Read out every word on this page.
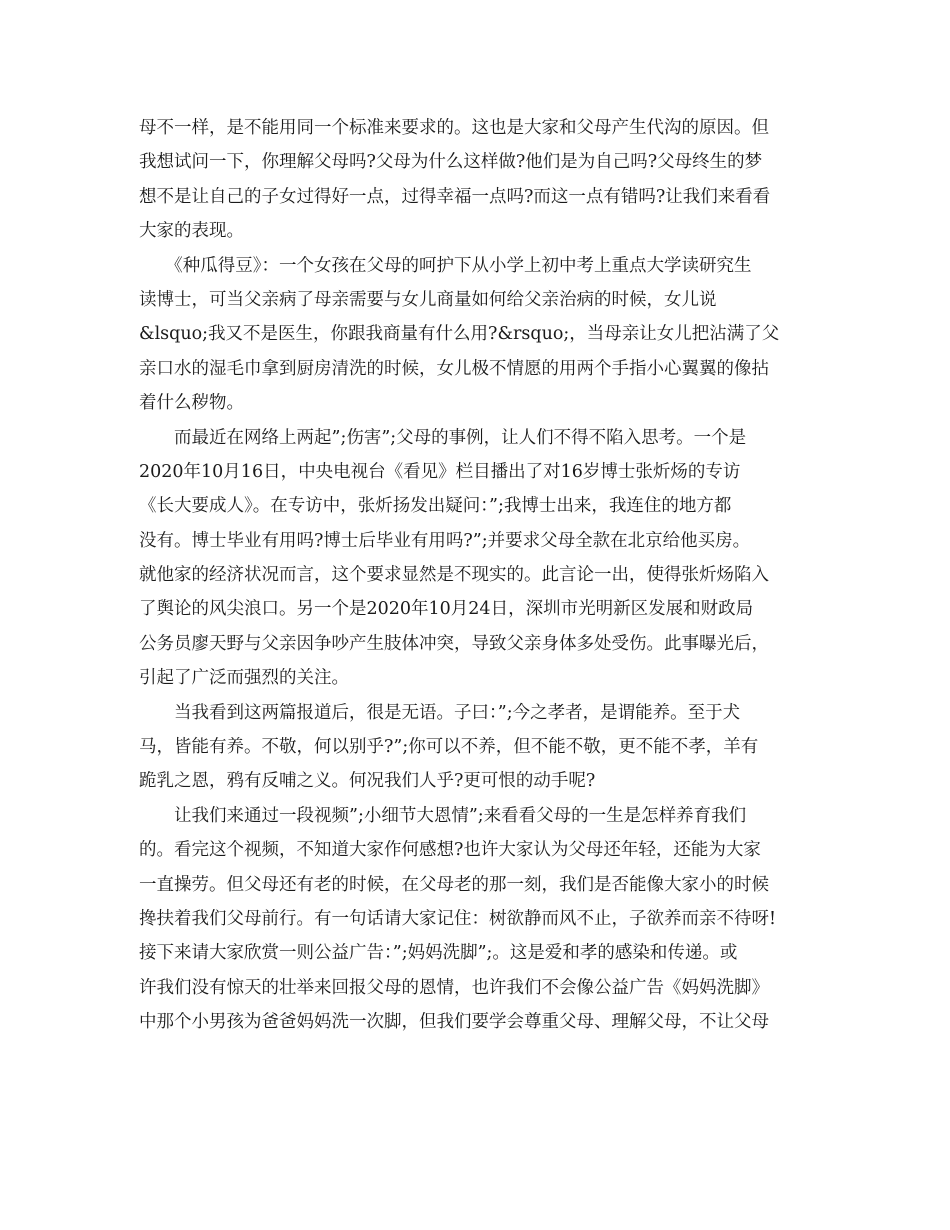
母不一样，是不能用同一个标准来要求的。这也是大家和父母产生代沟的原因。但
我想试问一下，你理解父母吗?父母为什么这样做?他们是为自己吗?父母终生的梦
想不是让自己的子女过得好一点，过得幸福一点吗?而这一点有错吗?让我们来看看
大家的表现。
　　《种瓜得豆》：一个女孩在父母的呵护下从小学上初中考上重点大学读研究生
读博士，可当父亲病了母亲需要与女儿商量如何给父亲治病的时候，女儿说
&lsquo;我又不是医生，你跟我商量有什么用?&rsquo;，当母亲让女儿把沾满了父
亲口水的湿毛巾拿到厨房清洗的时候，女儿极不情愿的用两个手指小心翼翼的像拈
着什么秽物。
　　而最近在网络上两起”;伤害”;父母的事例，让人们不得不陷入思考。一个是
2020年10月16日，中央电视台《看见》栏目播出了对16岁博士张炘炀的专访
《长大要成人》。在专访中，张炘扬发出疑问：”;我博士出来，我连住的地方都
没有。博士毕业有用吗?博士后毕业有用吗?”;并要求父母全款在北京给他买房。
就他家的经济状况而言，这个要求显然是不现实的。此言论一出，使得张炘炀陷入
了舆论的风尖浪口。另一个是2020年10月24日，深圳市光明新区发展和财政局
公务员廖天野与父亲因争吵产生肢体冲突，导致父亲身体多处受伤。此事曝光后，
引起了广泛而强烈的关注。
　　当我看到这两篇报道后，很是无语。子曰：”;今之孝者，是谓能养。至于犬
马，皆能有养。不敬，何以别乎?”;你可以不养，但不能不敬，更不能不孝，羊有
跪乳之恩，鸦有反哺之义。何况我们人乎?更可恨的动手呢?
　　让我们来通过一段视频”;小细节大恩情”;来看看父母的一生是怎样养育我们
的。看完这个视频，不知道大家作何感想?也许大家认为父母还年轻，还能为大家
一直操劳。但父母还有老的时候，在父母老的那一刻，我们是否能像大家小的时候
搀扶着我们父母前行。有一句话请大家记住：树欲静而风不止，子欲养而亲不待呀!
接下来请大家欣赏一则公益广告：”;妈妈洗脚”;。这是爱和孝的感染和传递。或
许我们没有惊天的壮举来回报父母的恩情，也许我们不会像公益广告《妈妈洗脚》
中那个小男孩为爸爸妈妈洗一次脚，但我们要学会尊重父母、理解父母，不让父母
